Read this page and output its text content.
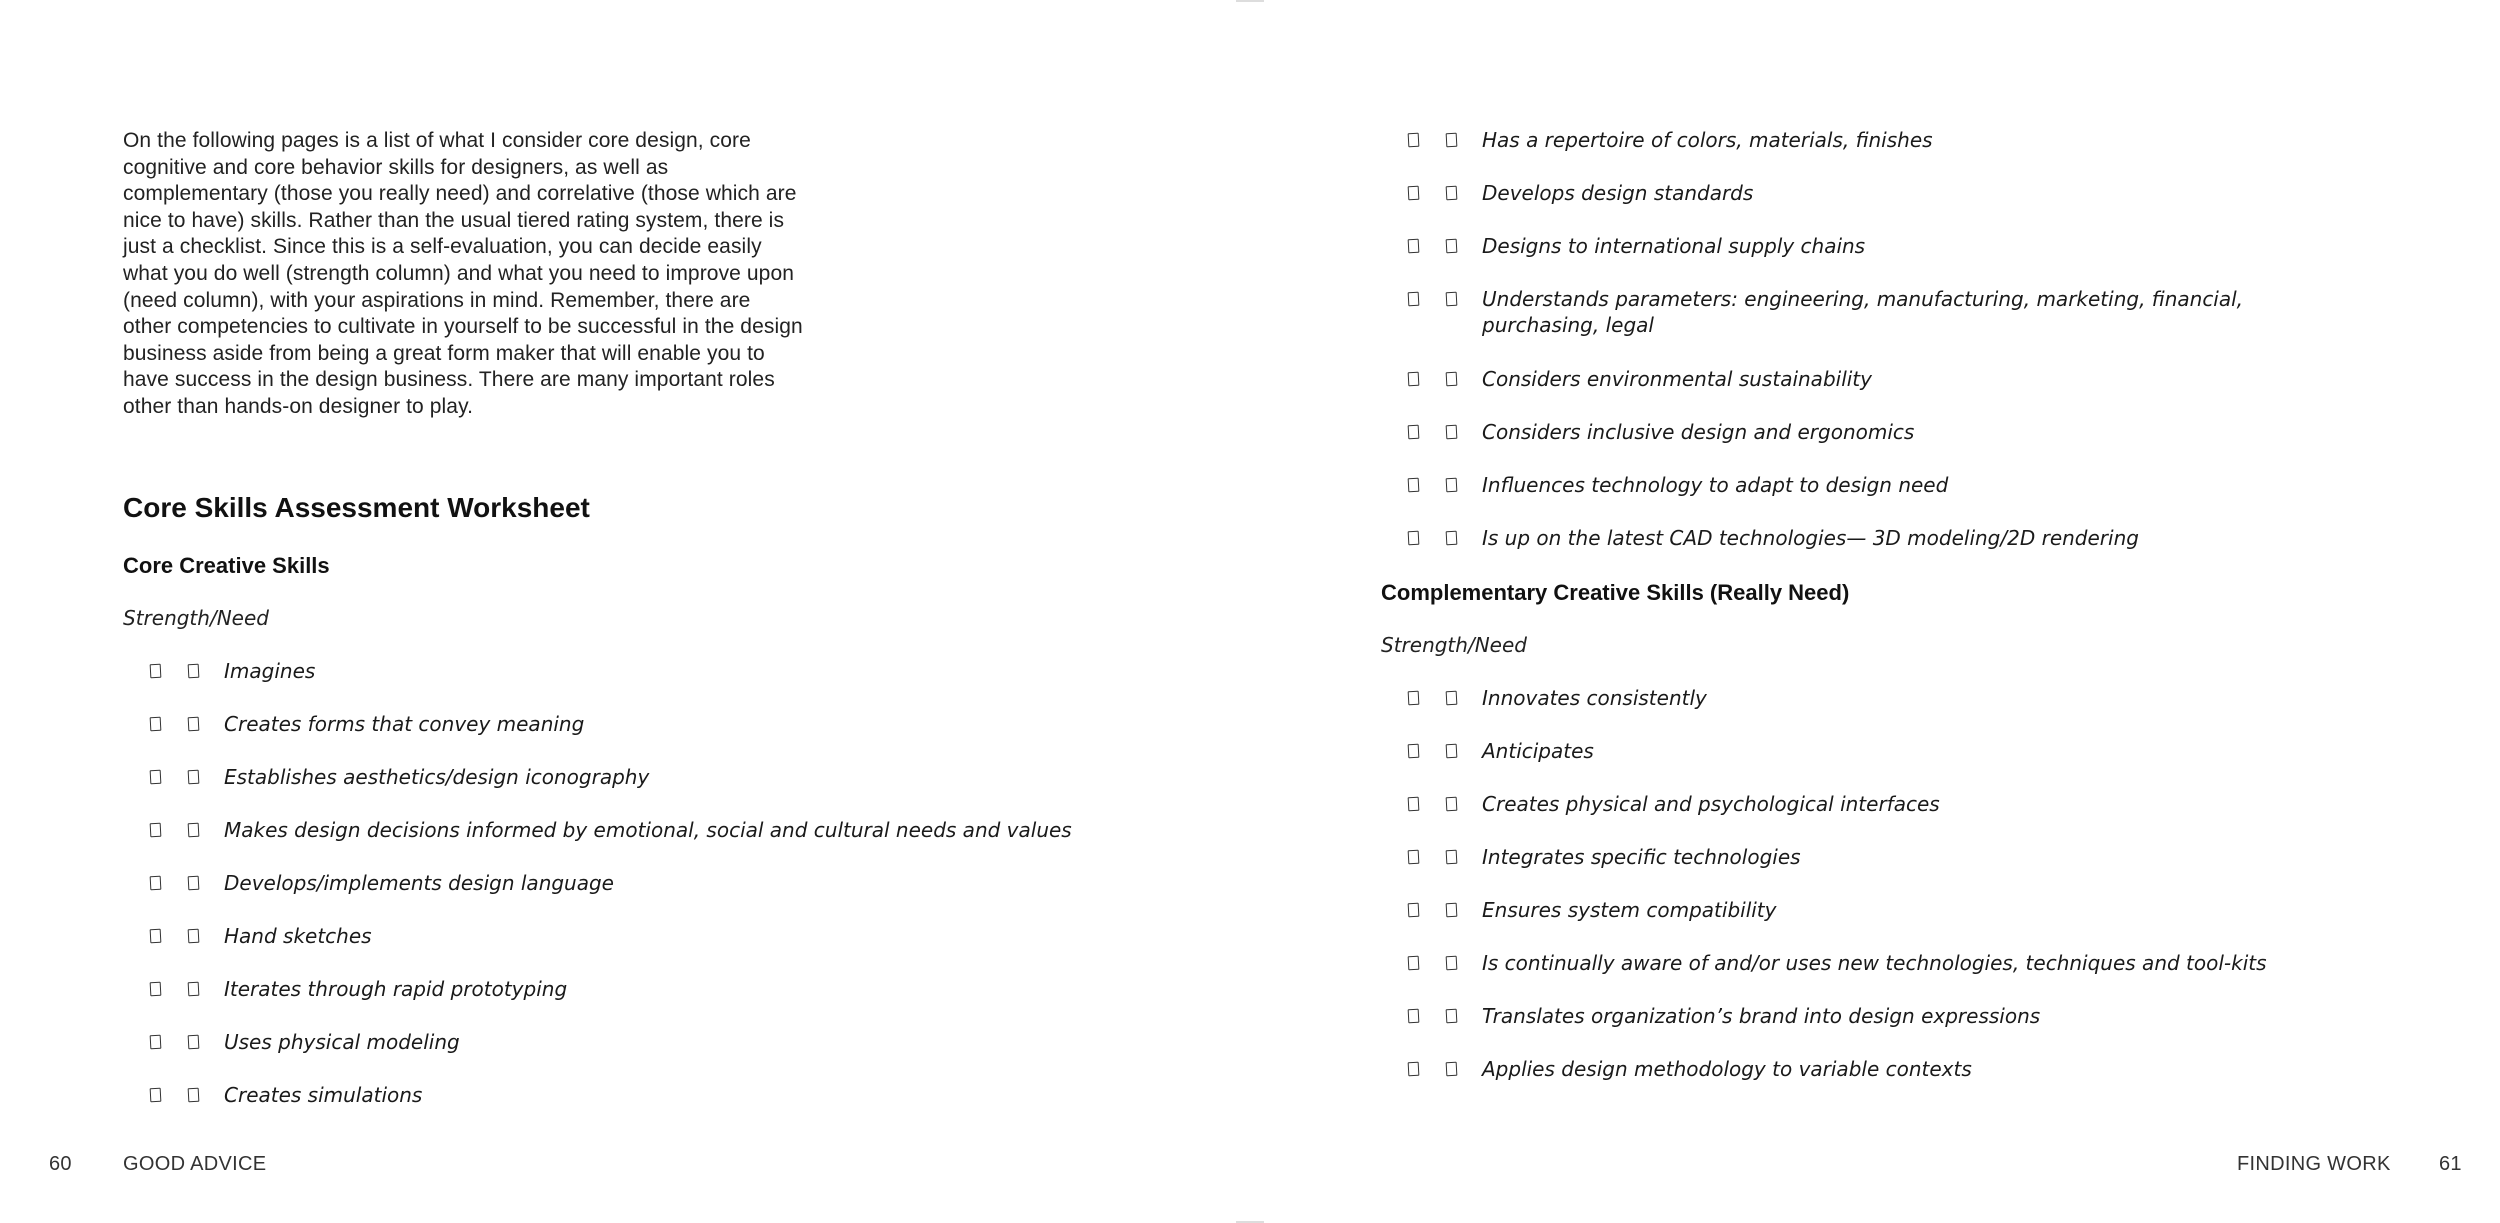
On the following pages is a list of what I consider core design, core cognitive and core behavior skills for designers, as well as complementary (those you really need) and correlative (those which are nice to have) skills. Rather than the usual tiered rating system, there is just a checklist. Since this is a self-evaluation, you can decide easily what you do well (strength column) and what you need to improve upon (need column), with your aspirations in mind. Remember, there are other competencies to cultivate in yourself to be successful in the design business aside from being a great form maker that will enable you to have success in the design business. There are many important roles other than hands-on designer to play.

Core Skills Assessment Worksheet
Core Creative Skills
Strength/Need
Imagines
Creates forms that convey meaning
Establishes aesthetics/design iconography
Makes design decisions informed by emotional, social and cultural needs and values
Develops/implements design language
Hand sketches
Iterates through rapid prototyping
Uses physical modeling
Creates simulations
60	GOOD ADVICE
Has a repertoire of colors, materials, finishes
Develops design standards
Designs to international supply chains
Understands parameters: engineering, manufacturing, marketing, financial, purchasing, legal
Considers environmental sustainability
Considers inclusive design and ergonomics
Influences technology to adapt to design need
Is up on the latest CAD technologies— 3D modeling/2D rendering
Complementary Creative Skills (Really Need)
Strength/Need
Innovates consistently
Anticipates
Creates physical and psychological interfaces
Integrates specific technologies
Ensures system compatibility
Is continually aware of and/or uses new technologies, techniques and tool-kits
Translates organization’s brand into design expressions
Applies design methodology to variable contexts
FINDING WORK 61
